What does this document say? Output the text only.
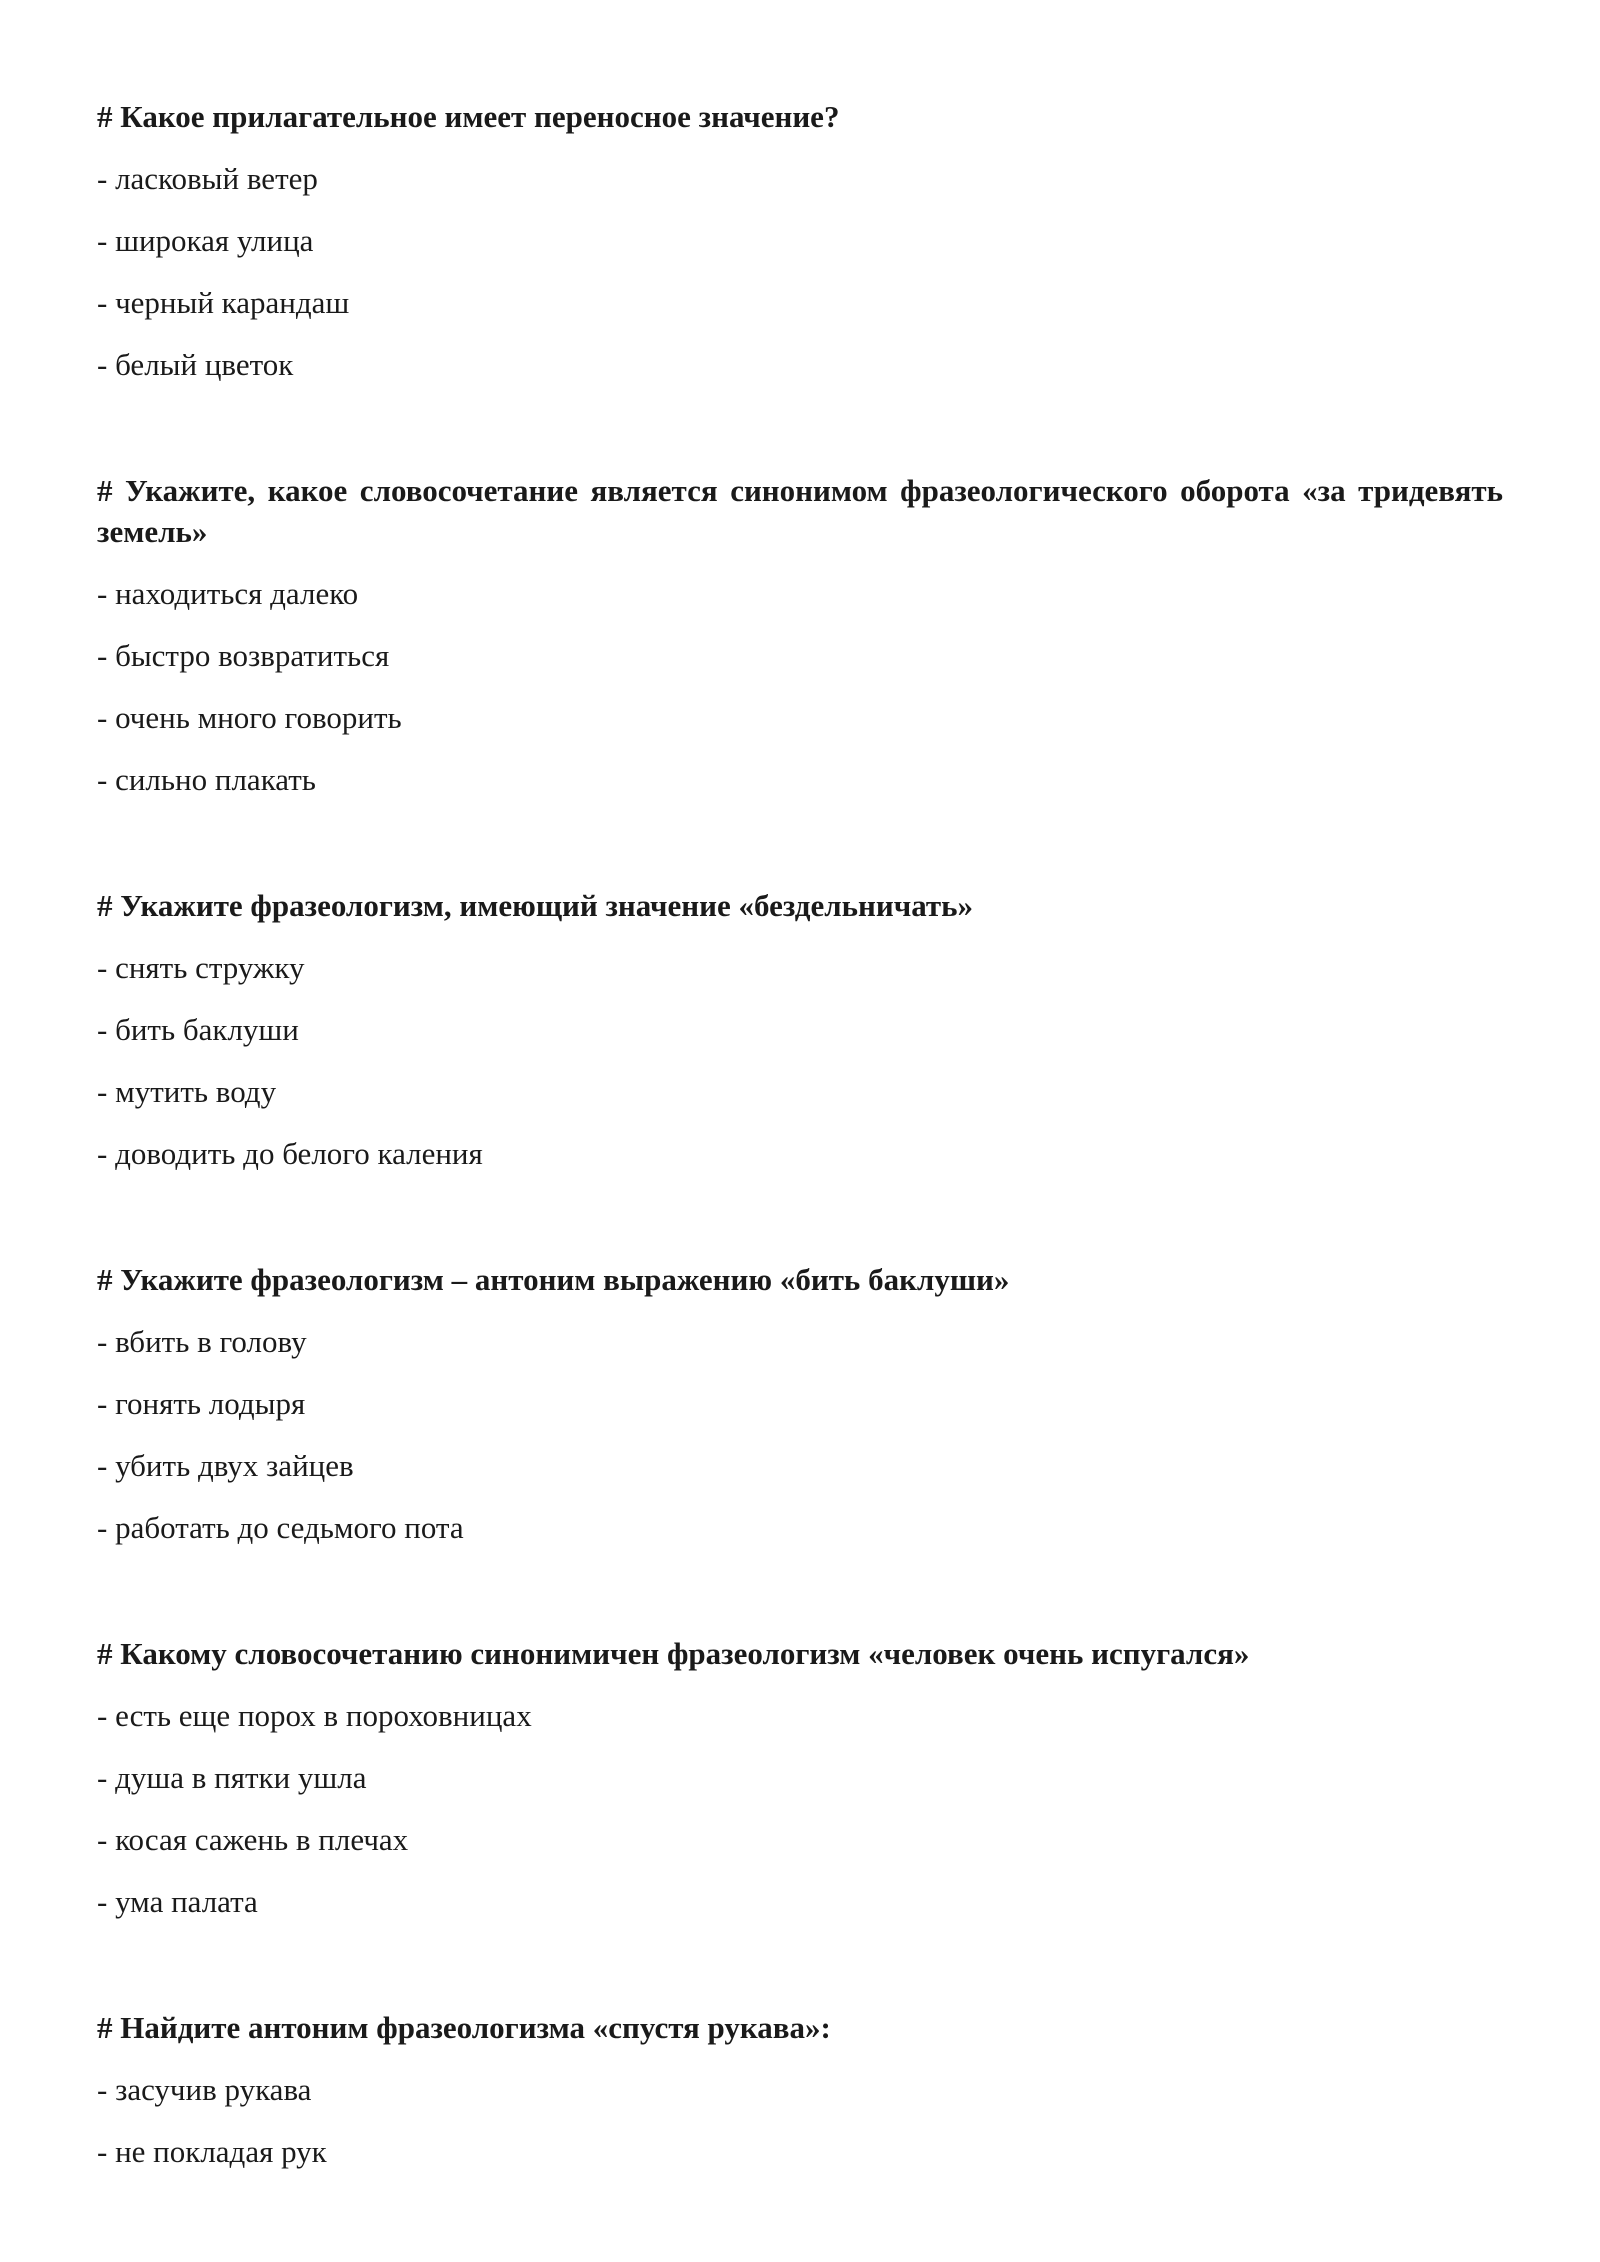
# Какое прилагательное имеет переносное значение?

- ласковый ветер

- широкая улица

- черный карандаш

- белый цветок

# Укажите, какое словосочетание является синонимом фразеологического оборота «за тридевять земель»

- находиться далеко

- быстро возвратиться

- очень много говорить

- сильно плакать

# Укажите фразеологизм, имеющий значение «бездельничать»

- снять стружку

- бить баклуши

- мутить воду

- доводить до белого каления

# Укажите фразеологизм – антоним выражению «бить баклуши»

- вбить в голову

- гонять лодыря

- убить двух зайцев

- работать до седьмого пота

# Какому словосочетанию синонимичен фразеологизм «человек очень испугался»

- есть еще порох в пороховницах

- душа в пятки ушла

- косая сажень в плечах

- ума палата

# Найдите антоним фразеологизма «спустя рукава»:

- засучив рукава

- не покладая рук
